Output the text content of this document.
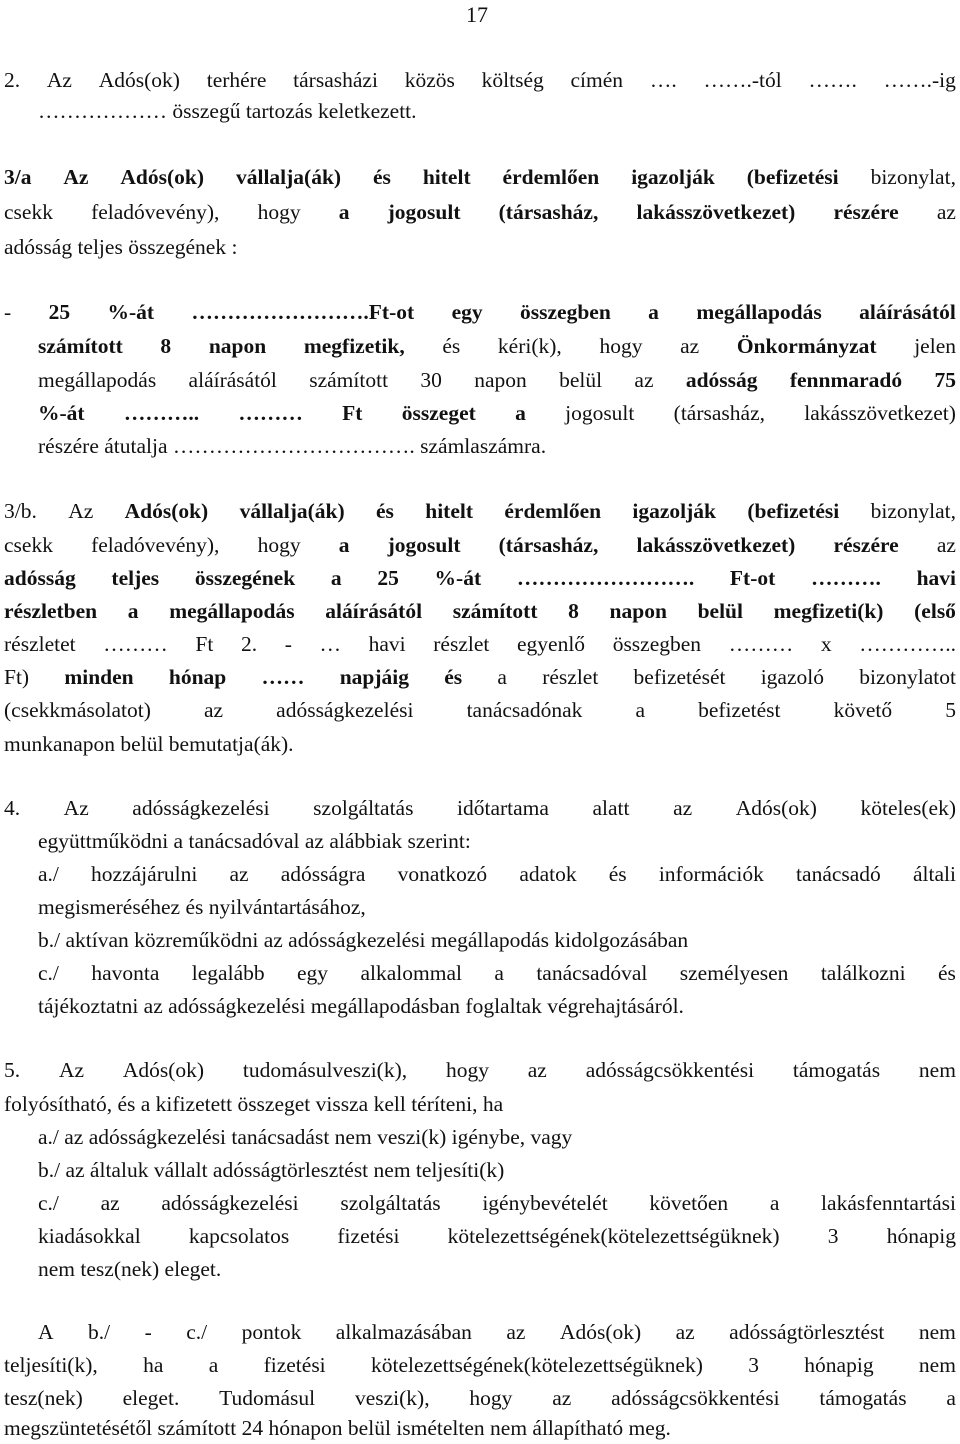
17
2. Az Adós(ok) terhére társasházi közös költség címén …. …….-tól ……. …….-ig
……………… összegű tartozás keletkezett.
3/a Az Adós(ok) vállalja(ák) és hitelt érdemlően igazolják (befizetési bizonylat,
csekk feladóvevény), hogy a jogosult (társasház, lakásszövetkezet) részére az
adósság teljes összegének :
- 25 %-át …………………….Ft-ot egy összegben a megállapodás aláírásától
számított 8 napon megfizetik, és kéri(k), hogy az Önkormányzat jelen
megállapodás aláírásától számított 30 napon belül az adósság fennmaradó 75
%-át ……….. ……… Ft összeget a jogosult (társasház, lakásszövetkezet)
részére átutalja ……………………………. számlaszámra.
3/b. Az Adós(ok) vállalja(ák) és hitelt érdemlően igazolják (befizetési bizonylat,
csekk feladóvevény), hogy a jogosult (társasház, lakásszövetkezet) részére az
adósság teljes összegének a 25 %-át ……………………. Ft-ot ………. havi
részletben a megállapodás aláírásától számított 8 napon belül megfizeti(k) (első
részletet ……… Ft 2. - … havi részlet egyenlő összegben ……… x …………..
Ft) minden hónap …… napjáig és a részlet befizetését igazoló bizonylatot
(csekkmásolatot) az adósságkezelési tanácsadónak a befizetést követő 5
munkanapon belül bemutatja(ák).
4. Az adósságkezelési szolgáltatás időtartama alatt az Adós(ok) köteles(ek)
együttműködni a tanácsadóval az alábbiak szerint:
a./ hozzájárulni az adósságra vonatkozó adatok és információk tanácsadó általi
megismeréséhez és nyilvántartásához,
b./ aktívan közreműködni az adósságkezelési megállapodás kidolgozásában
c./ havonta legalább egy alkalommal a tanácsadóval személyesen találkozni és
tájékoztatni az adósságkezelési megállapodásban foglaltak végrehajtásáról.
5. Az Adós(ok) tudomásulveszi(k), hogy az adósságcsökkentési támogatás nem
folyósítható, és a kifizetett összeget vissza kell téríteni, ha
a./ az adósságkezelési tanácsadást nem veszi(k) igénybe, vagy
b./ az általuk vállalt adósságtörlesztést nem teljesíti(k)
c./ az adósságkezelési szolgáltatás igénybevételét követően a lakásfenntartási
kiadásokkal kapcsolatos fizetési kötelezettségének(kötelezettségüknek) 3 hónapig
nem tesz(nek) eleget.
A b./ - c./ pontok alkalmazásában az Adós(ok) az adósságtörlesztést nem
teljesíti(k), ha a fizetési kötelezettségének(kötelezettségüknek) 3 hónapig nem
tesz(nek) eleget. Tudomásul veszi(k), hogy az adósságcsökkentési támogatás a
megszüntetésétől számított 24 hónapon belül ismételten nem állapítható meg.
